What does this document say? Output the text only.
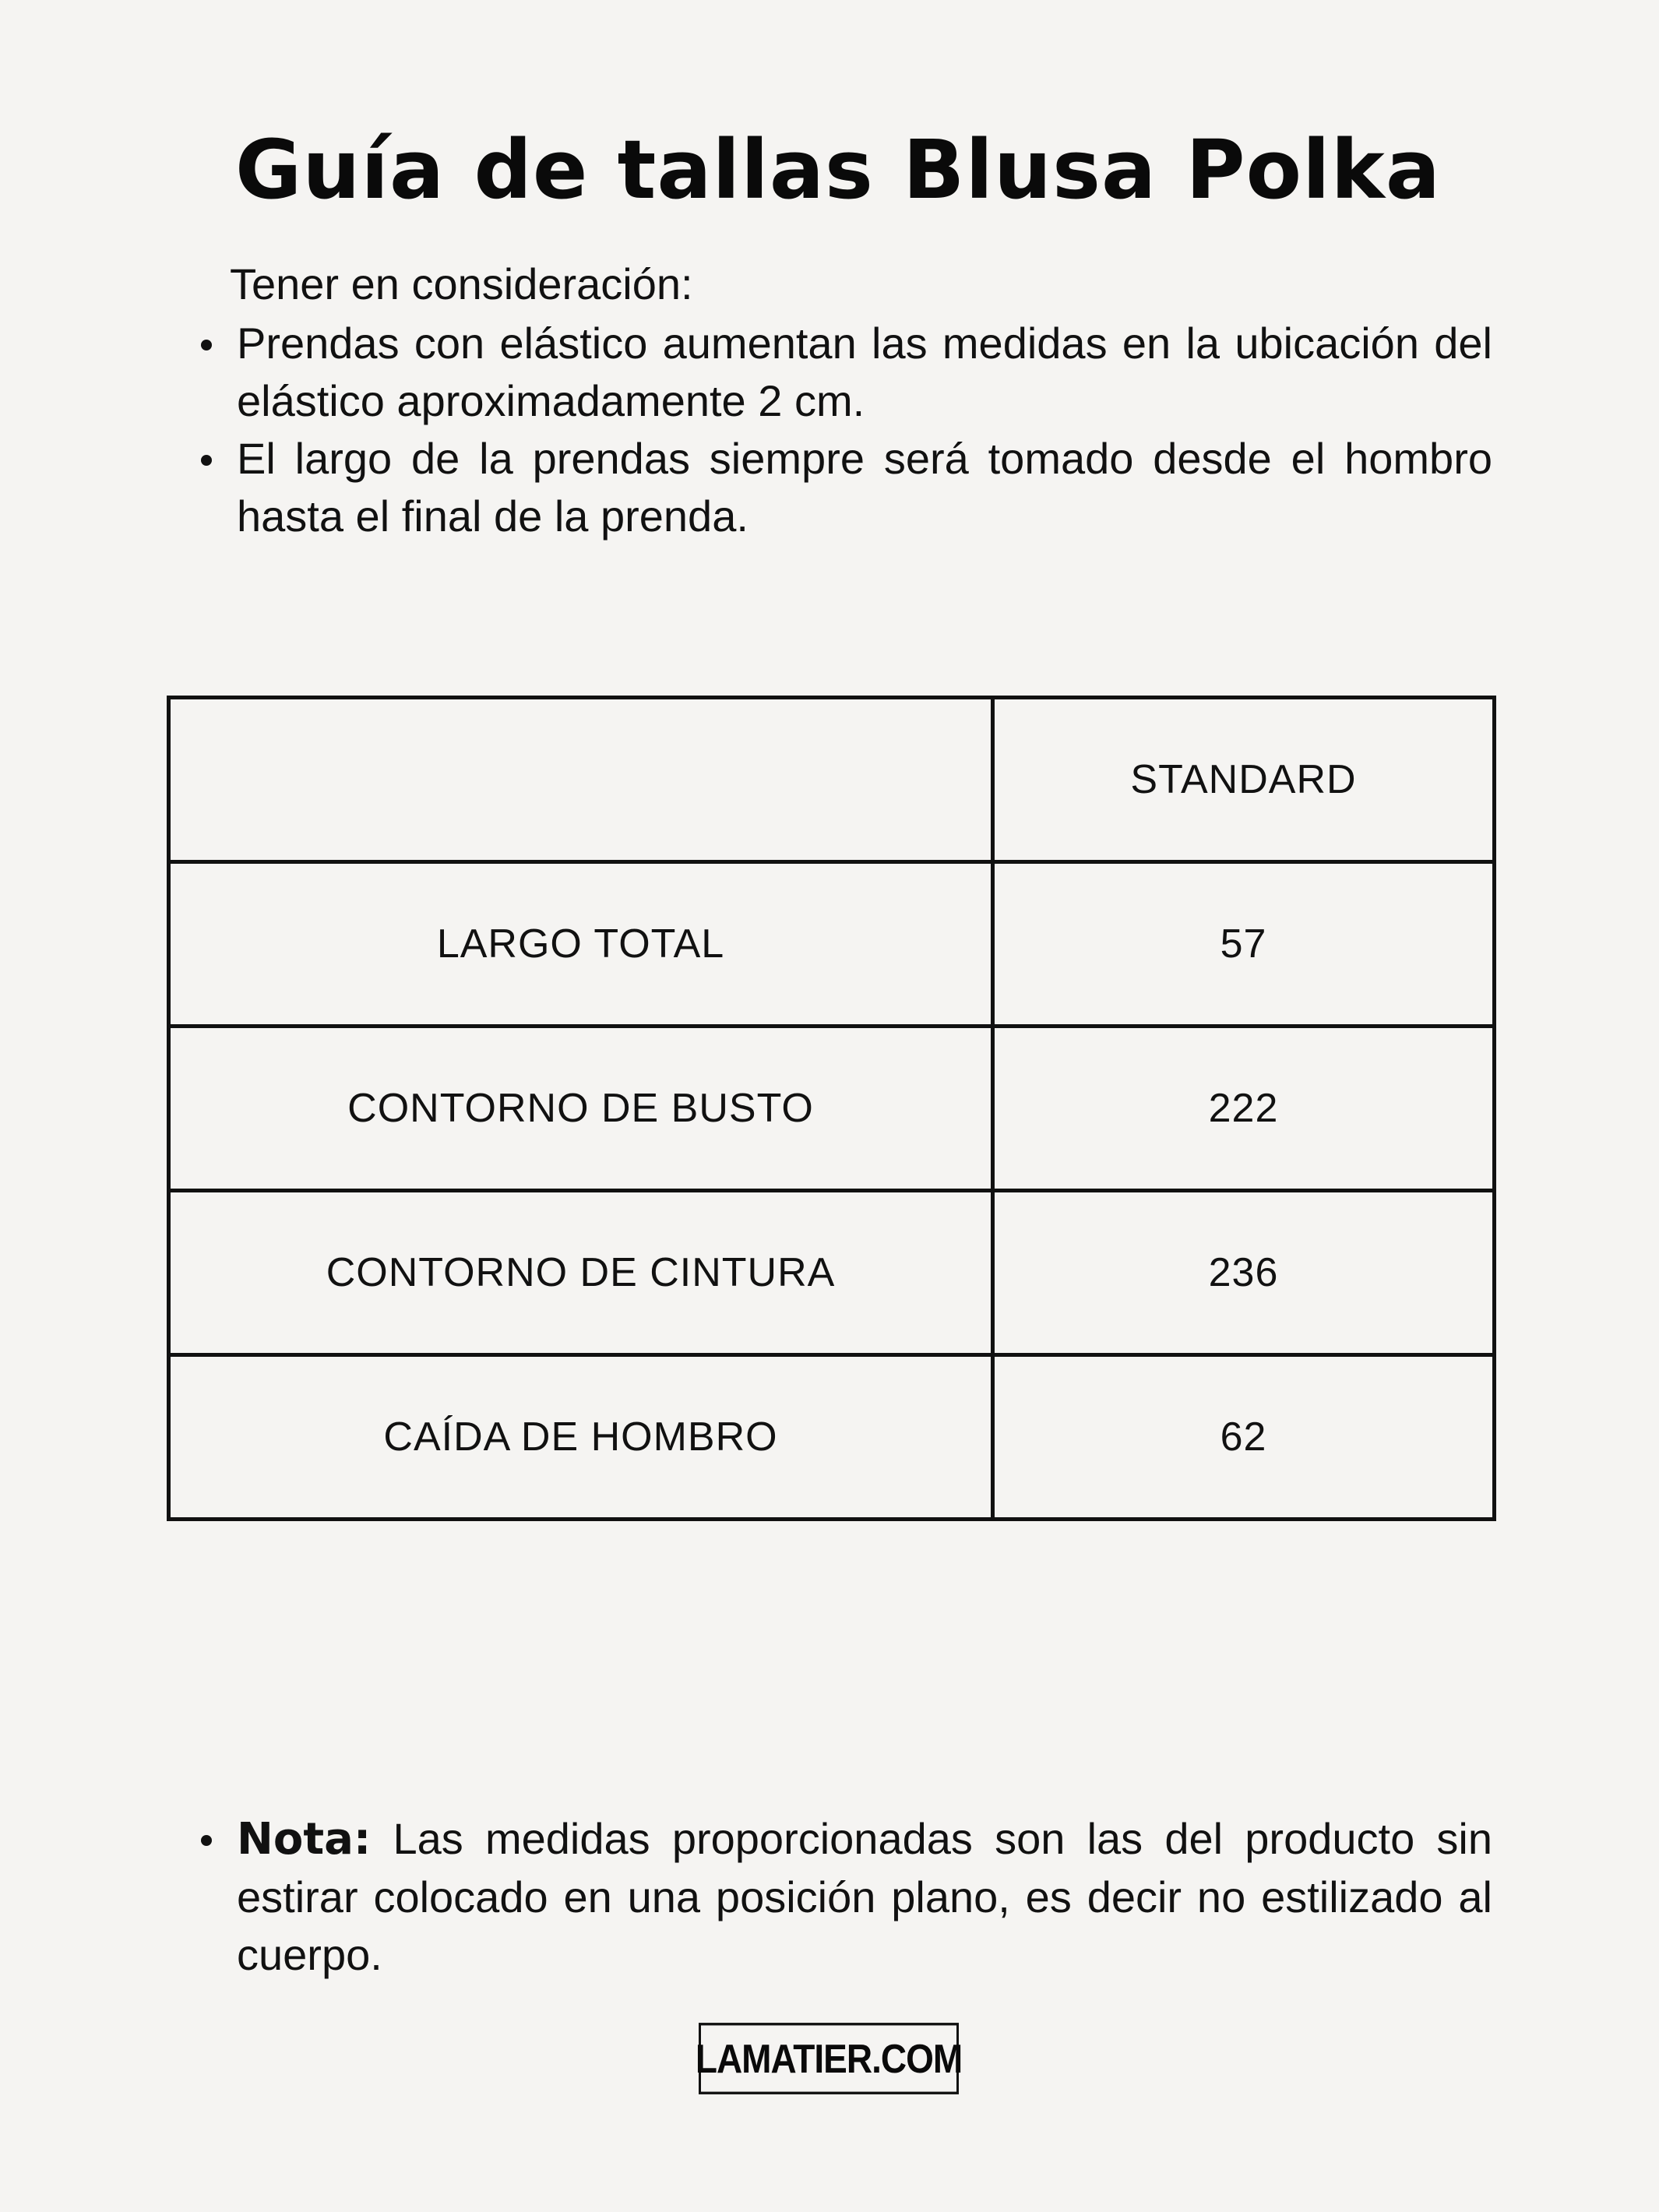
Guía de tallas Blusa Polka

Tener en consideración:

Prendas con elástico aumentan las medidas en la ubicación del elástico aproximadamente 2 cm.
El largo de la prendas siempre será tomado desde el hombro hasta el final de la prenda.
	STANDARD
LARGO TOTAL	57
CONTORNO DE BUSTO	222
CONTORNO DE CINTURA	236
CAÍDA DE HOMBRO	62
Nota: Las medidas proporcionadas son las del producto sin estirar colocado en una posición plano, es decir no estilizado al cuerpo.
LAMATIER.COM
